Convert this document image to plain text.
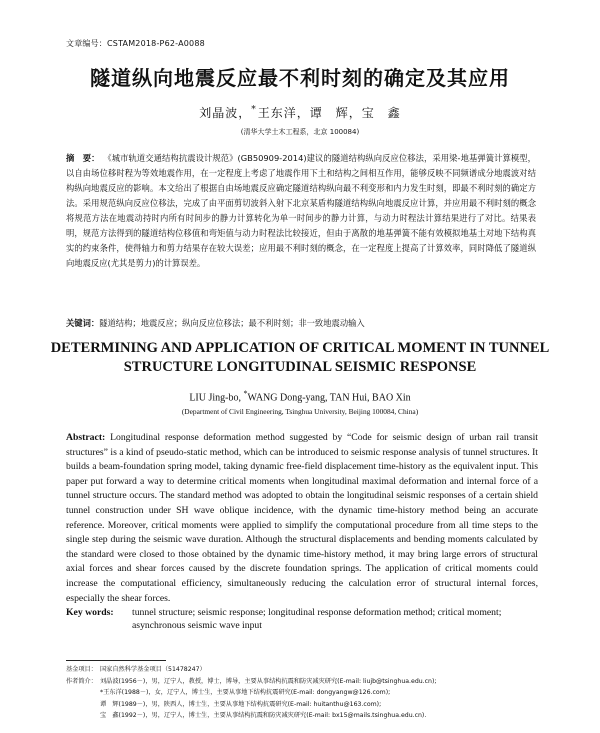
文章编号：CSTAM2018-P62-A0088
隧道纵向地震反应最不利时刻的确定及其应用
刘晶波，*王东洋，谭　辉，宝　鑫
(清华大学土木工程系，北京 100084)
摘　要： 《城市轨道交通结构抗震设计规范》(GB50909-2014)建议的隧道结构纵向反应位移法，采用梁-地基弹簧计算模型，以自由场位移时程为等效地震作用，在一定程度上考虑了地震作用下土和结构之间相互作用，能够反映不同频谱成分地震波对结构纵向地震反应的影响。本文给出了根据自由场地震反应确定隧道结构纵向最不利变形和内力发生时刻，即最不利时刻的确定方法。采用规范纵向反应位移法，完成了由平面剪切波斜入射下北京某盾构隧道结构纵向地震反应计算，并应用最不利时刻的概念将规范方法在地震动持时内所有时间步的静力计算转化为单一时间步的静力计算，与动力时程法计算结果进行了对比。结果表明，规范方法得到的隧道结构位移值和弯矩值与动力时程法比较接近，但由于离散的地基弹簧不能有效模拟地基土对地下结构真实的约束条件，使得轴力和剪力结果存在较大误差；应用最不利时刻的概念，在一定程度上提高了计算效率，同时降低了隧道纵向地震反应(尤其是剪力)的计算误差。
关键词：隧道结构；地震反应；纵向反应位移法；最不利时刻；非一致地震动输入
DETERMINING AND APPLICATION OF CRITICAL MOMENT IN TUNNEL
STRUCTURE LONGITUDINAL SEISMIC RESPONSE
LIU Jing-bo, *WANG Dong-yang, TAN Hui, BAO Xin
(Department of Civil Engineering, Tsinghua University, Beijing 100084, China)
Abstract: Longitudinal response deformation method suggested by “Code for seismic design of urban rail transit structures” is a kind of pseudo-static method, which can be introduced to seismic response analysis of tunnel structures. It builds a beam-foundation spring model, taking dynamic free-field displacement time-history as the equivalent input. This paper put forward a way to determine critical moments when longitudinal maximal deformation and internal force of a tunnel structure occurs. The standard method was adopted to obtain the longitudinal seismic responses of a certain shield tunnel construction under SH wave oblique incidence, with the dynamic time-history method being an accurate reference. Moreover, critical moments were applied to simplify the computational procedure from all time steps to the single step during the seismic wave duration. Although the structural displacements and bending moments calculated by the standard were closed to those obtained by the dynamic time-history method, it may bring large errors of structural axial forces and shear forces caused by the discrete foundation springs. The application of critical moments could increase the computational efficiency, simultaneously reducing the calculation error of structural internal forces, especially the shear forces.
Key words: tunnel structure; seismic response; longitudinal response deformation method; critical moment;
asynchronous seismic wave input
基金项目： 国家自然科学基金项目（51478247）
作者简介： 刘晶波(1956－)，男，辽宁人，教授，博士，博导，主要从事结构抗震和防灾减灾研究(E-mail: liujb@tsinghua.edu.cn);
*王东洋(1988－)，女，辽宁人，博士生，主要从事地下结构抗震研究(E-mail: dongyangw@126.com);
谭　辉(1989－)，男，陕西人，博士生，主要从事地下结构抗震研究(E-mail: huitanthu@163.com);
宝　鑫(1992－)，男，辽宁人，博士生，主要从事结构抗震和防灾减灾研究(E-mail: bx15@mails.tsinghua.edu.cn).
